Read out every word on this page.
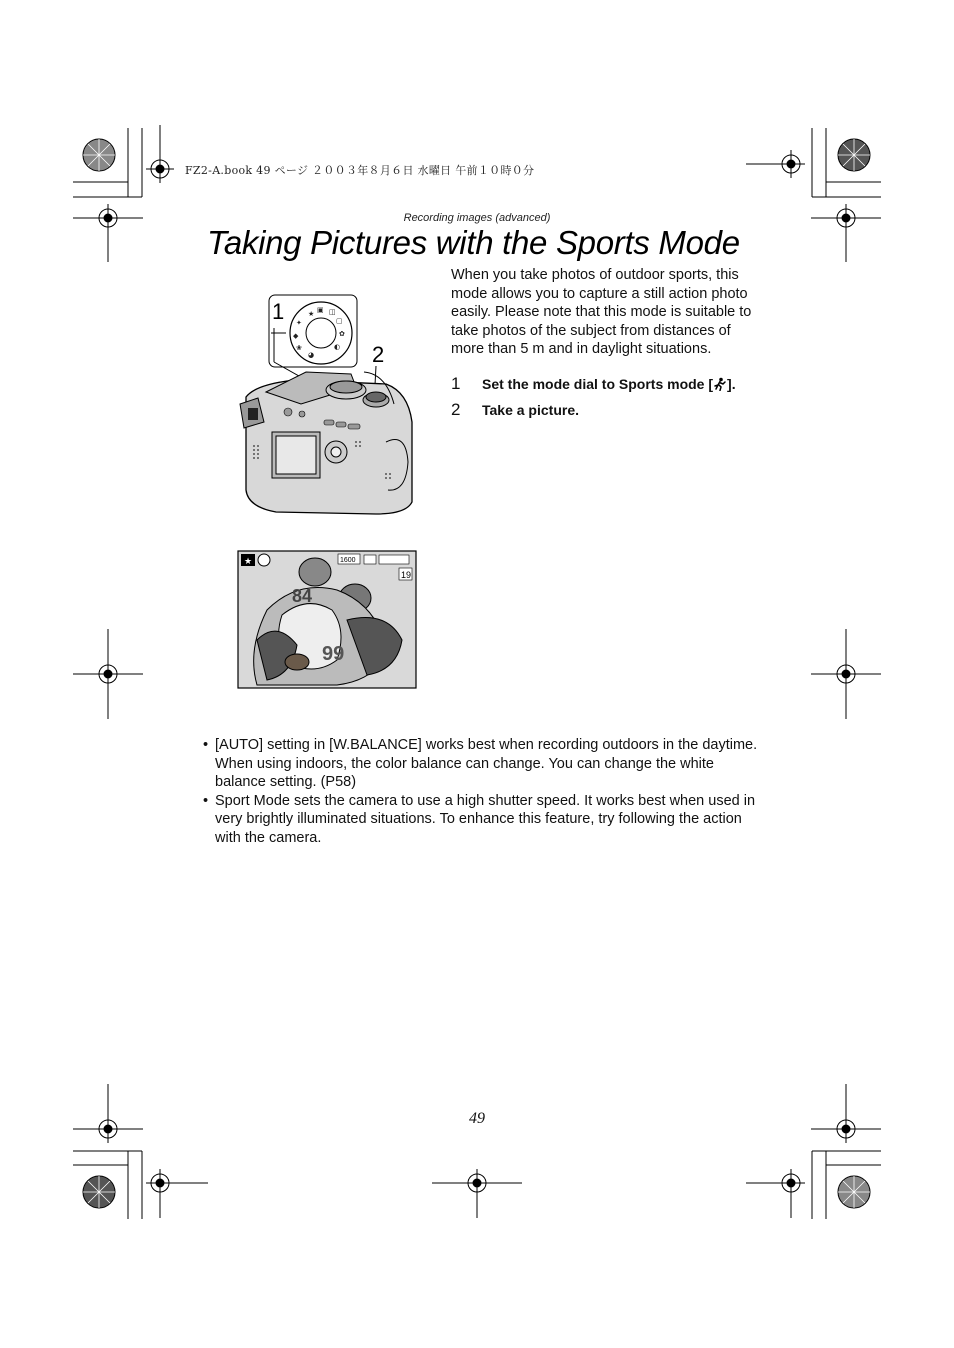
FZ2-A.book 49 ページ ２００３年８月６日 水曜日 午前１０時０分
Recording images (advanced)
Taking Pictures with the Sports Mode
★ ▣ ◫
▢
✿
◐
✦
◆
❀
◕
1
2
84
99
★	1600
19
When you take photos of outdoor sports, this mode allows you to capture a still action photo easily. Please note that this mode is suitable to take photos of the subject from distances of more than 5 m and in daylight situations.
1 Set the mode dial to Sports mode [ ].
2 Take a picture.
• [AUTO] setting in [W.BALANCE] works best when recording outdoors in the daytime. When using indoors, the color balance can change. You can change the white balance setting. (P58)
• Sport Mode sets the camera to use a high shutter speed. It works best when used in very brightly illuminated situations. To enhance this feature, try following the action with the camera.
49
